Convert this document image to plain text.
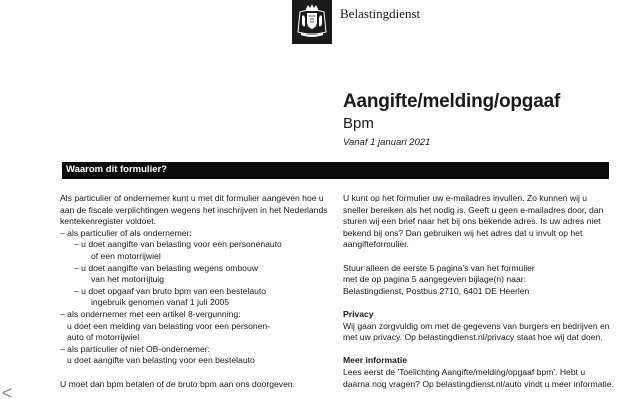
Belastingdienst
Aangifte/melding/opgaaf
Bpm
Vanaf 1 januari 2021
Waarom dit formulier?

Als particulier of ondernemer kunt u met dit formulier aangeven hoe u

aan de fiscale verplichtingen wegens het inschrijven in het Nederlands

kentekenregister voldoet.

– als particulier of als ondernemer:

– u doet aangifte van belasting voor een personenauto

of een motorrijwiel

– u doet aangifte van belasting wegens ombouw

van het motorrijtuig

– u doet opgaaf van bruto bpm van een bestelauto

ingebruik genomen vanaf 1 juli 2005

– als ondernemer met een artikel 8-vergunning:

u doet een melding van belasting voor een personen-

auto of motorrijwiel

– als particulier of niet OB-ondernemer:

u doet aangifte van belasting voor een bestelauto

U moet dan bpm betalen of de bruto bpm aan ons doorgeven.

U kunt op het formulier uw e-mailadres invullen. Zo kunnen wij u

sneller bereiken als het nodig is. Geeft u geen e-mailadres door, dan

sturen wij een brief naar het bij ons bekende adres. Is uw adres niet

bekend bij ons? Dan gebruiken wij het adres dat u invult op het

aangifteformulier.

Stuur alleen de eerste 5 pagina's van het formulier

met de op pagina 5 aangegeven bijlage(n) naar:

Belastingdienst, Postbus 2710, 6401 DE Heerlen

Privacy

Wij gaan zorgvuldig om met de gegevens van burgers en bedrijven en

met uw privacy. Op belastingdienst.nl/privacy staat hoe wij dat doen.

Meer informatie

Lees eerst de 'Toelichting Aangifte/melding/opgaaf bpm'. Hebt u

daarna nog vragen? Op belastingdienst.nl/auto vindt u meer informatie.

<
